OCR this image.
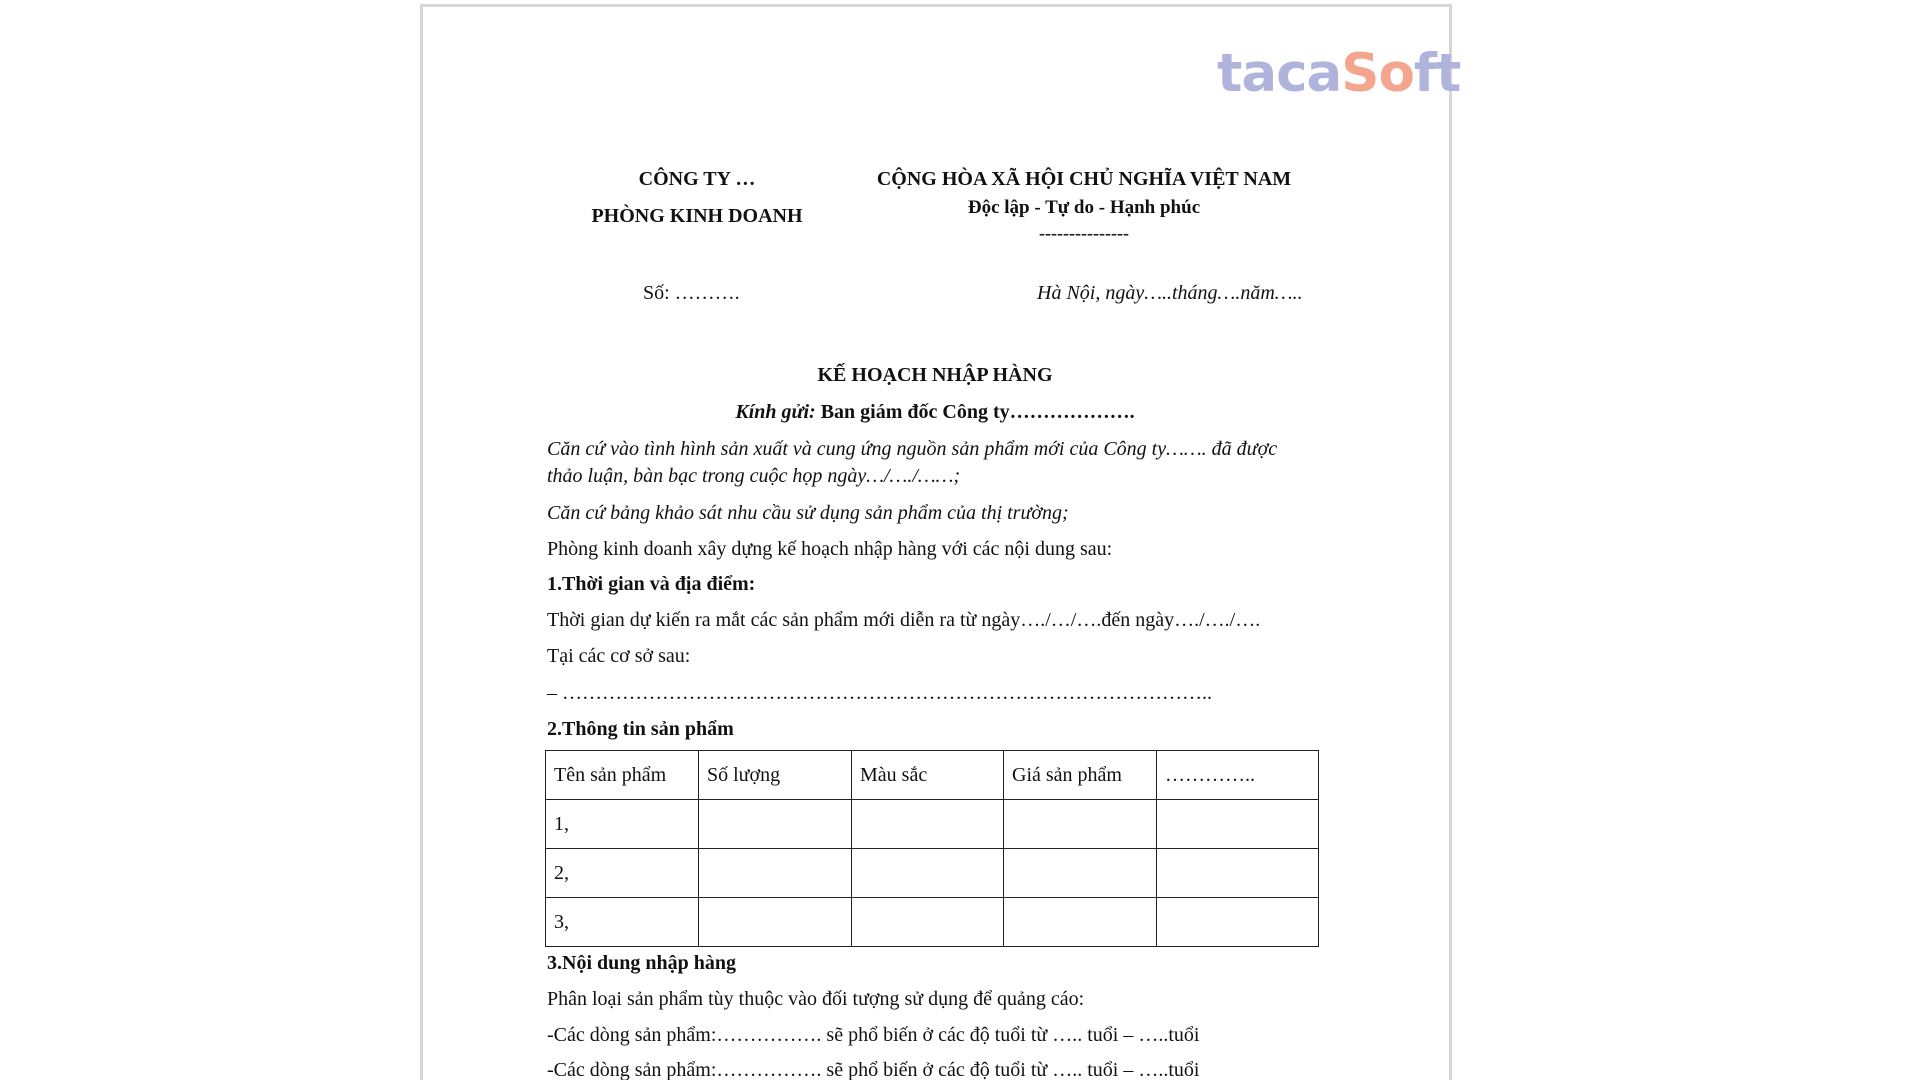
tacaSoft
CÔNG TY …
PHÒNG KINH DOANH
CỘNG HÒA XÃ HỘI CHỦ NGHĨA VIỆT NAM
Độc lập - Tự do - Hạnh phúc
---------------
Số: ……….	Hà Nội, ngày…..tháng….năm…..
KẾ HOẠCH NHẬP HÀNG
Kính gửi: Ban giám đốc Công ty……………….
Căn cứ vào tình hình sản xuất và cung ứng nguồn sản phẩm mới của Công ty……. đã được
thảo luận, bàn bạc trong cuộc họp ngày…/…./……;
Căn cứ bảng khảo sát nhu cầu sử dụng sản phẩm của thị trường;
Phòng kinh doanh xây dựng kế hoạch nhập hàng với các nội dung sau:
1.Thời gian và địa điểm:
Thời gian dự kiến ra mắt các sản phẩm mới diễn ra từ ngày…./…/….đến ngày…./…./….
Tại các cơ sở sau:
– ……………………………………………………………………………………..
2.Thông tin sản phẩm
Tên sản phẩm	Số lượng	Màu sắc	Giá sản phẩm	…………..
1,				
2,				
3,				
3.Nội dung nhập hàng
Phân loại sản phẩm tùy thuộc vào đối tượng sử dụng để quảng cáo:
-Các dòng sản phẩm:……………. sẽ phổ biến ở các độ tuổi từ ….. tuổi – …..tuổi
-Các dòng sản phẩm:……………. sẽ phổ biến ở các độ tuổi từ ….. tuổi – …..tuổi
